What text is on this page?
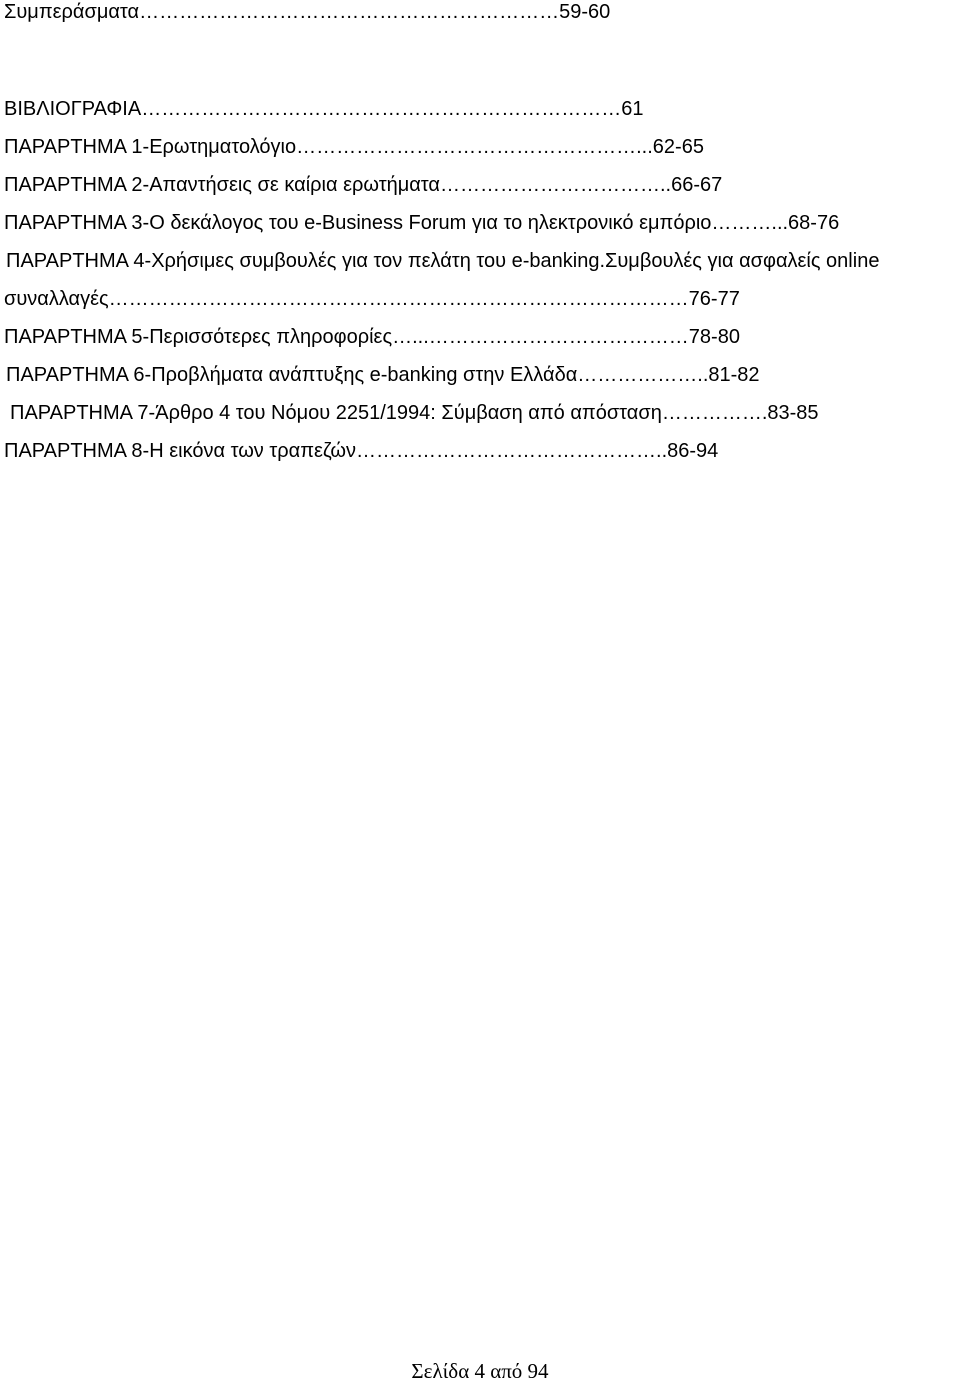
Συμπεράσματα………………………………………………………59-60
ΒΙΒΛΙΟΓΡΑΦΙΑ………………………………………………………………61
ΠΑΡΑΡΤΗΜΑ 1-Ερωτηματολόγιο……………………………………………...62-65
ΠΑΡΑΡΤΗΜΑ 2-Απαντήσεις σε καίρια ερωτήματα……………………………..66-67
ΠΑΡΑΡΤΗΜΑ 3-Ο δεκάλογος του e-Business Forum για το ηλεκτρονικό εμπόριο………...68-76
ΠΑΡΑΡΤΗΜΑ 4-Χρήσιμες συμβουλές για τον πελάτη του e-banking.Συμβουλές για ασφαλείς online
συναλλαγές……………………………………………………………………………76-77
ΠΑΡΑΡΤΗΜΑ 5-Περισσότερες πληροφορίες…...…………………………………78-80
ΠΑΡΑΡΤΗΜΑ 6-Προβλήματα ανάπτυξης e-banking στην Ελλάδα………………..81-82
ΠΑΡΑΡΤΗΜΑ 7-Άρθρο 4 του Νόμου 2251/1994: Σύμβαση από απόσταση…………….83-85
ΠΑΡΑΡΤΗΜΑ 8-Η εικόνα των τραπεζών………………………………………..86-94
Σελίδα 4 από 94
